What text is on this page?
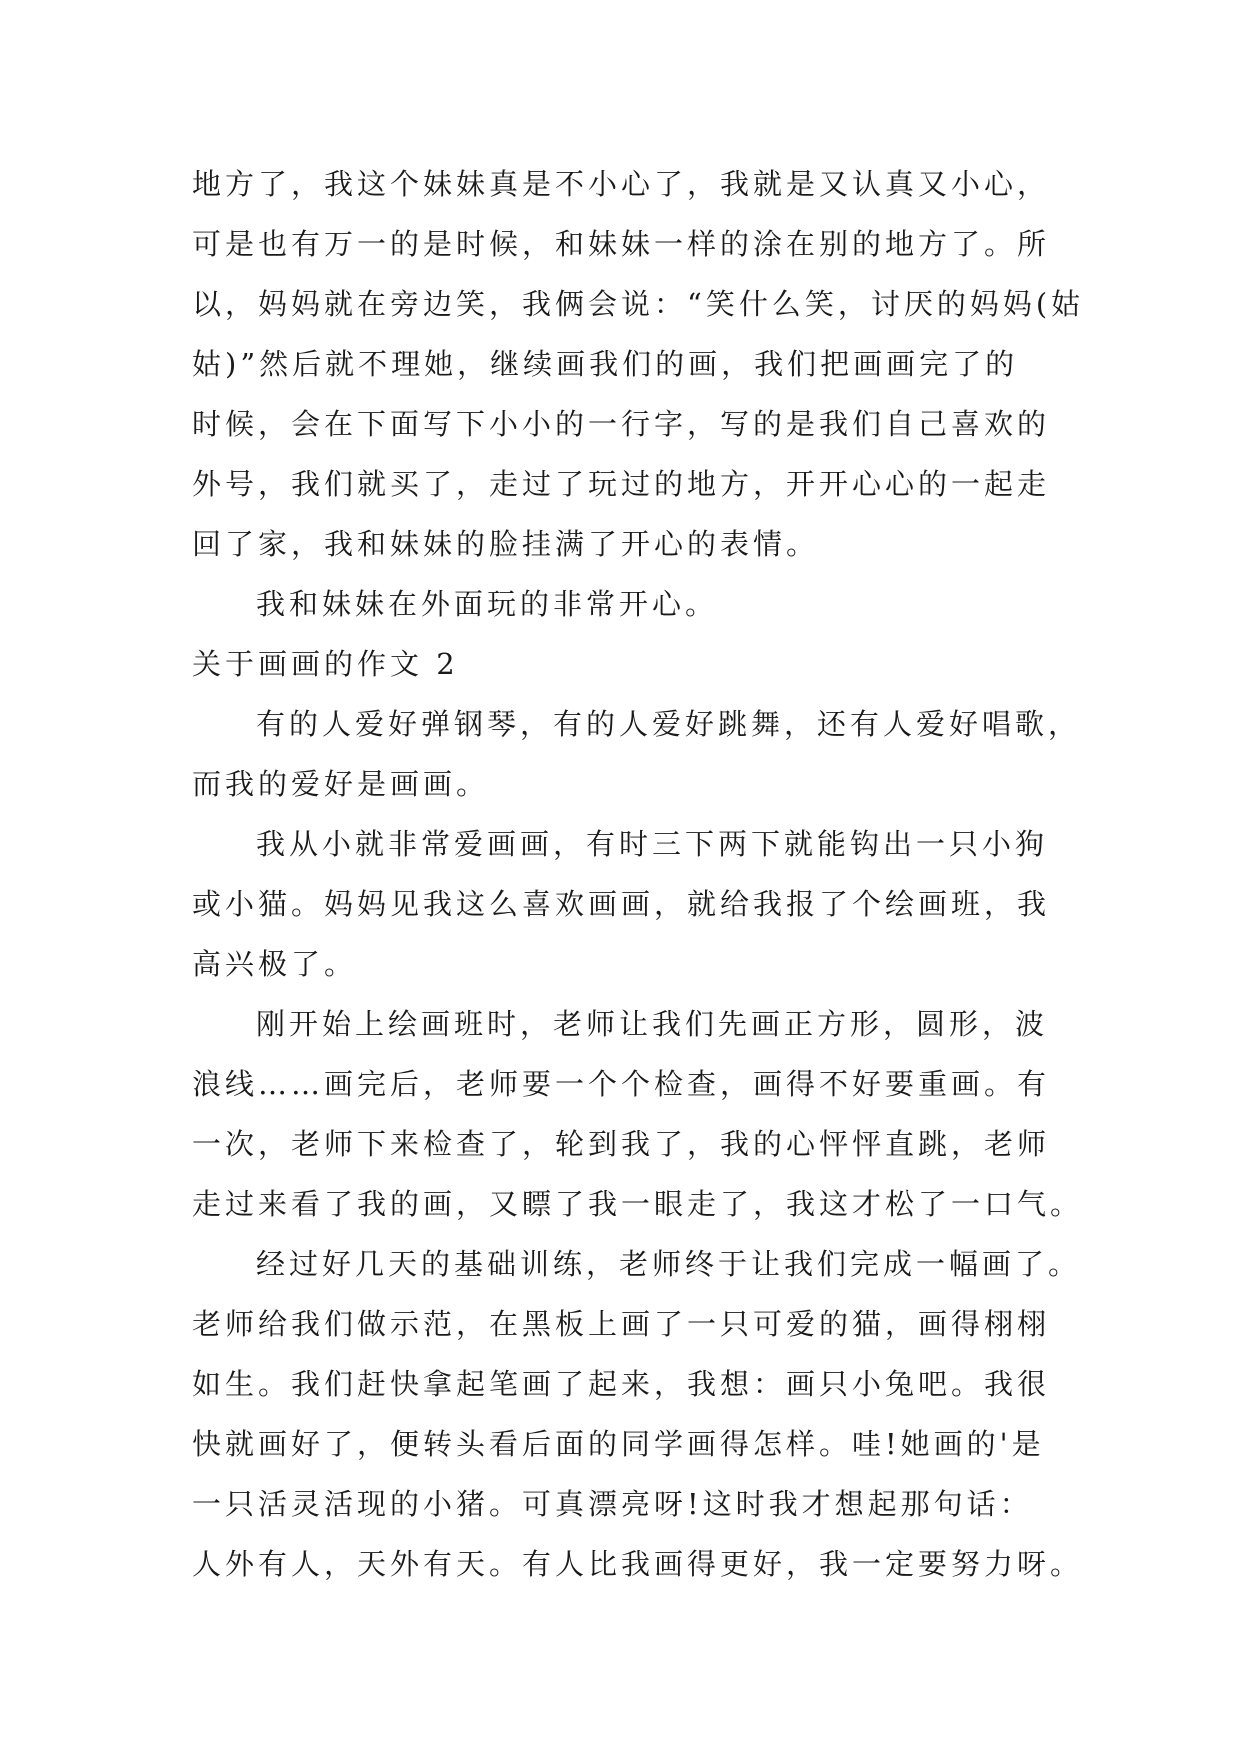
地方了，我这个妹妹真是不小心了，我就是又认真又小心，
可是也有万一的是时候，和妹妹一样的涂在别的地方了。所
以，妈妈就在旁边笑，我俩会说：“笑什么笑，讨厌的妈妈(姑
姑)”然后就不理她，继续画我们的画，我们把画画完了的
时候，会在下面写下小小的一行字，写的是我们自己喜欢的
外号，我们就买了，走过了玩过的地方，开开心心的一起走
回了家，我和妹妹的脸挂满了开心的表情。
我和妹妹在外面玩的非常开心。
关于画画的作文 2
有的人爱好弹钢琴，有的人爱好跳舞，还有人爱好唱歌，
而我的爱好是画画。
我从小就非常爱画画，有时三下两下就能钩出一只小狗
或小猫。妈妈见我这么喜欢画画，就给我报了个绘画班，我
高兴极了。
刚开始上绘画班时，老师让我们先画正方形，圆形，波
浪线……画完后，老师要一个个检查，画得不好要重画。有
一次，老师下来检查了，轮到我了，我的心怦怦直跳，老师
走过来看了我的画，又瞟了我一眼走了，我这才松了一口气。
经过好几天的基础训练，老师终于让我们完成一幅画了。
老师给我们做示范，在黑板上画了一只可爱的猫，画得栩栩
如生。我们赶快拿起笔画了起来，我想：画只小兔吧。我很
快就画好了，便转头看后面的同学画得怎样。哇!她画的'是
一只活灵活现的小猪。可真漂亮呀!这时我才想起那句话：
人外有人，天外有天。有人比我画得更好，我一定要努力呀。
